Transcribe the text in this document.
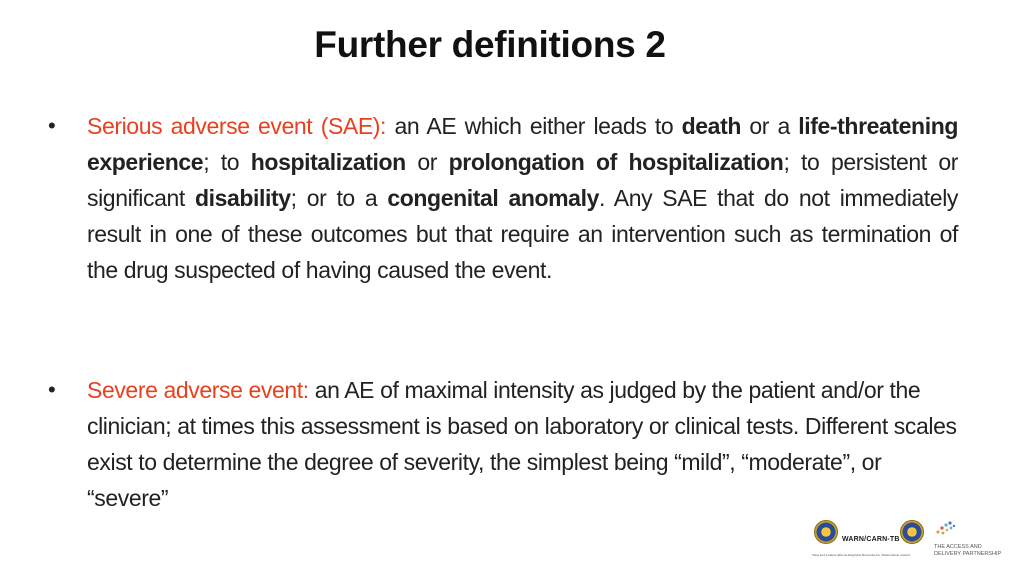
Further definitions 2
•	Serious adverse event (SAE): an AE which either leads to death or a life-threatening experience; to hospitalization or prolongation of hospitalization; to persistent or significant disability; or to a congenital anomaly. Any SAE that do not immediately result in one of these outcomes but that require an intervention such as termination of the drug suspected of having caused the event.
•	Severe adverse event: an AE of maximal intensity as judged by the patient and/or the clinician; at times this assessment is based on laboratory or clinical tests. Different scales exist to determine the degree of severity, the simplest being “mild”, “moderate”, or “severe”
WARN/CARN-TB
West and Central African Regional Networks for Tuberculosis control
THE ACCESS AND DELIVERY PARTNERSHIP
